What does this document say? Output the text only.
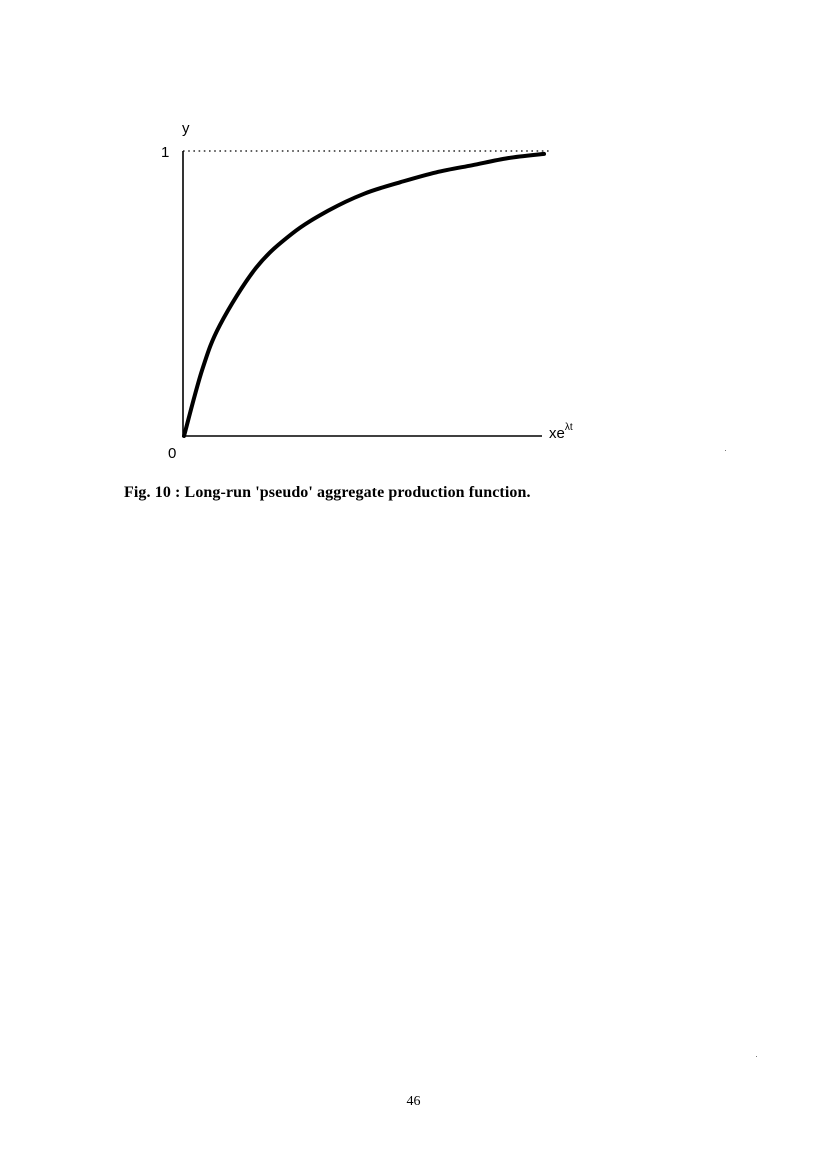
y
1
0
$xe^{\lambda t}$
Fig. 10 : Long-run 'pseudo' aggregate production function.
46
